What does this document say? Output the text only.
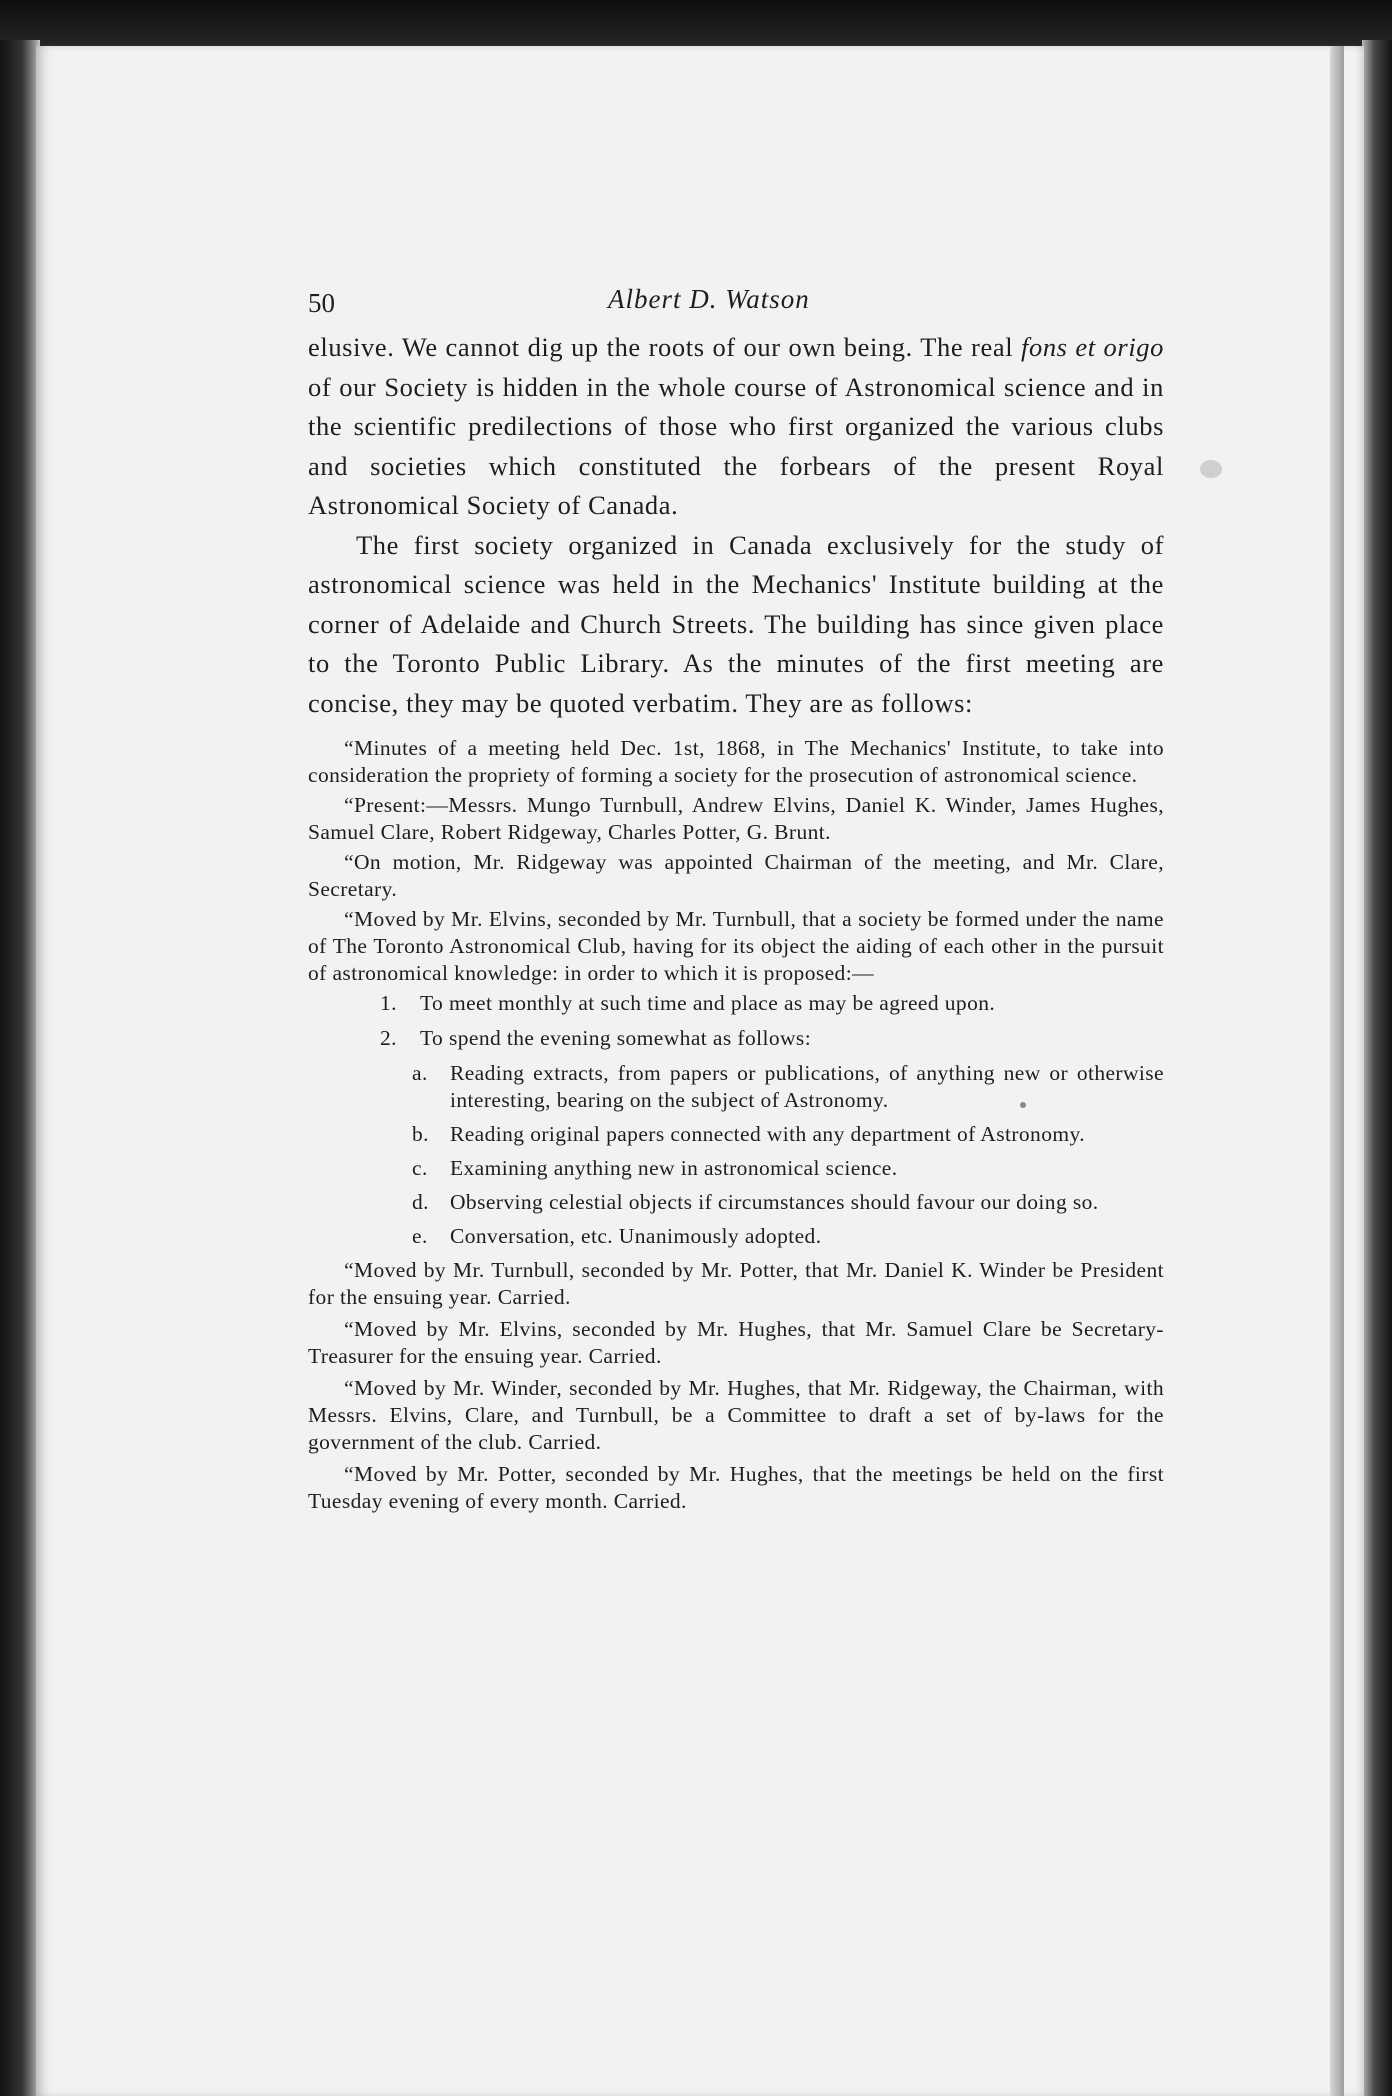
50	Albert D. Watson

elusive. We cannot dig up the roots of our own being. The real fons et origo of our Society is hidden in the whole course of Astronomical science and in the scientific predilections of those who first organized the various clubs and societies which constituted the forbears of the present Royal Astronomical Society of Canada.

The first society organized in Canada exclusively for the study of astronomical science was held in the Mechanics' Institute building at the corner of Adelaide and Church Streets. The building has since given place to the Toronto Public Library. As the minutes of the first meeting are concise, they may be quoted verbatim. They are as follows:

“Minutes of a meeting held Dec. 1st, 1868, in The Mechanics' Institute, to take into consideration the propriety of forming a society for the prosecution of astronomical science.

“Present:—Messrs. Mungo Turnbull, Andrew Elvins, Daniel K. Winder, James Hughes, Samuel Clare, Robert Ridgeway, Charles Potter, G. Brunt.

“On motion, Mr. Ridgeway was appointed Chairman of the meeting, and Mr. Clare, Secretary.

“Moved by Mr. Elvins, seconded by Mr. Turnbull, that a society be formed under the name of The Toronto Astronomical Club, having for its object the aiding of each other in the pursuit of astronomical knowledge: in order to which it is proposed:—

1.	To meet monthly at such time and place as may be agreed upon.
2.	To spend the evening somewhat as follows:
a.	Reading extracts, from papers or publications, of anything new or otherwise interesting, bearing on the subject of Astronomy.
b. Reading original papers connected with any department of Astronomy.
c.	Examining anything new in astronomical science.
d. Observing celestial objects if circumstances should favour our doing so.
e.	Conversation, etc. Unanimously adopted.

“Moved by Mr. Turnbull, seconded by Mr. Potter, that Mr. Daniel K. Winder be President for the ensuing year. Carried.

“Moved by Mr. Elvins, seconded by Mr. Hughes, that Mr. Samuel Clare be Secretary-Treasurer for the ensuing year. Carried.

“Moved by Mr. Winder, seconded by Mr. Hughes, that Mr. Ridgeway, the Chairman, with Messrs. Elvins, Clare, and Turnbull, be a Committee to draft a set of by-laws for the government of the club. Carried.

“Moved by Mr. Potter, seconded by Mr. Hughes, that the meetings be held on the first Tuesday evening of every month. Carried.
